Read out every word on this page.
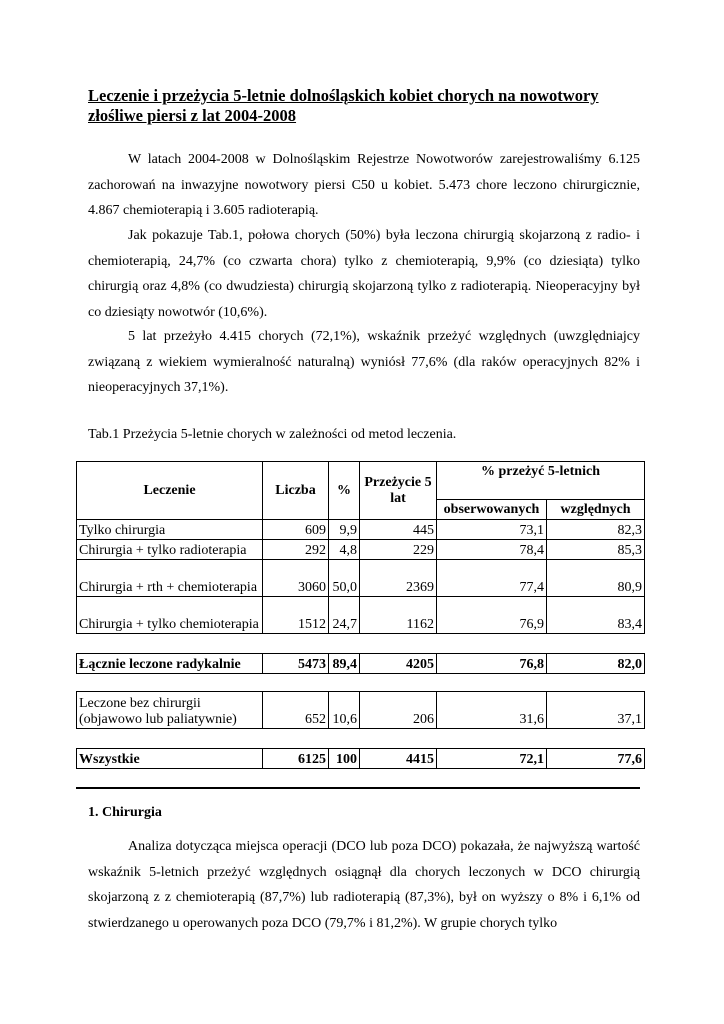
Leczenie i przeżycia 5-letnie dolnośląskich kobiet chorych na nowotwory złośliwe piersi z lat 2004-2008

W latach 2004-2008 w Dolnośląskim Rejestrze Nowotworów zarejestrowaliśmy 6.125 zachorowań na inwazyjne nowotwory piersi C50 u kobiet. 5.473 chore leczono chirurgicznie, 4.867 chemioterapią i 3.605 radioterapią.

Jak pokazuje Tab.1, połowa chorych (50%) była leczona chirurgią skojarzoną z radio- i chemioterapią, 24,7% (co czwarta chora) tylko z chemioterapią, 9,9% (co dziesiąta) tylko chirurgią oraz 4,8% (co dwudziesta) chirurgią skojarzoną tylko z radioterapią. Nieoperacyjny był co dziesiąty nowotwór (10,6%).

5 lat przeżyło 4.415 chorych (72,1%), wskaźnik przeżyć względnych (uwzględniajcy związaną z wiekiem wymieralność naturalną) wyniósł 77,6% (dla raków operacyjnych 82% i nieoperacyjnych 37,1%).

Tab.1 Przeżycia 5-letnie chorych w zależności od metod leczenia.

Leczenie	Liczba	%	Przeżycie 5 lat	% przeżyć 5-letnich	
				obserwowanych	względnych
Tylko chirurgia	609	9,9	445	73,1	82,3
Chirurgia + tylko radioterapia	292	4,8	229	78,4	85,3
Chirurgia + rth + chemioterapia	3060	50,0	2369	77,4	80,9
Chirurgia + tylko chemioterapia	1512	24,7	1162	76,9	83,4
Łącznie leczone radykalnie	5473	89,4	4205	76,8	82,0
Leczone bez chirurgii (objawowo lub paliatywnie)	652	10,6	206	31,6	37,1
Wszystkie	6125	100	4415	72,1	77,6
1. Chirurgia

Analiza dotycząca miejsca operacji (DCO lub poza DCO) pokazała, że najwyższą wartość wskaźnik 5-letnich przeżyć względnych osiągnął dla chorych leczonych w DCO chirurgią skojarzoną z z chemioterapią (87,7%) lub radioterapią (87,3%), był on wyższy o 8% i 6,1% od stwierdzanego u operowanych poza DCO (79,7% i 81,2%). W grupie chorych tylko
